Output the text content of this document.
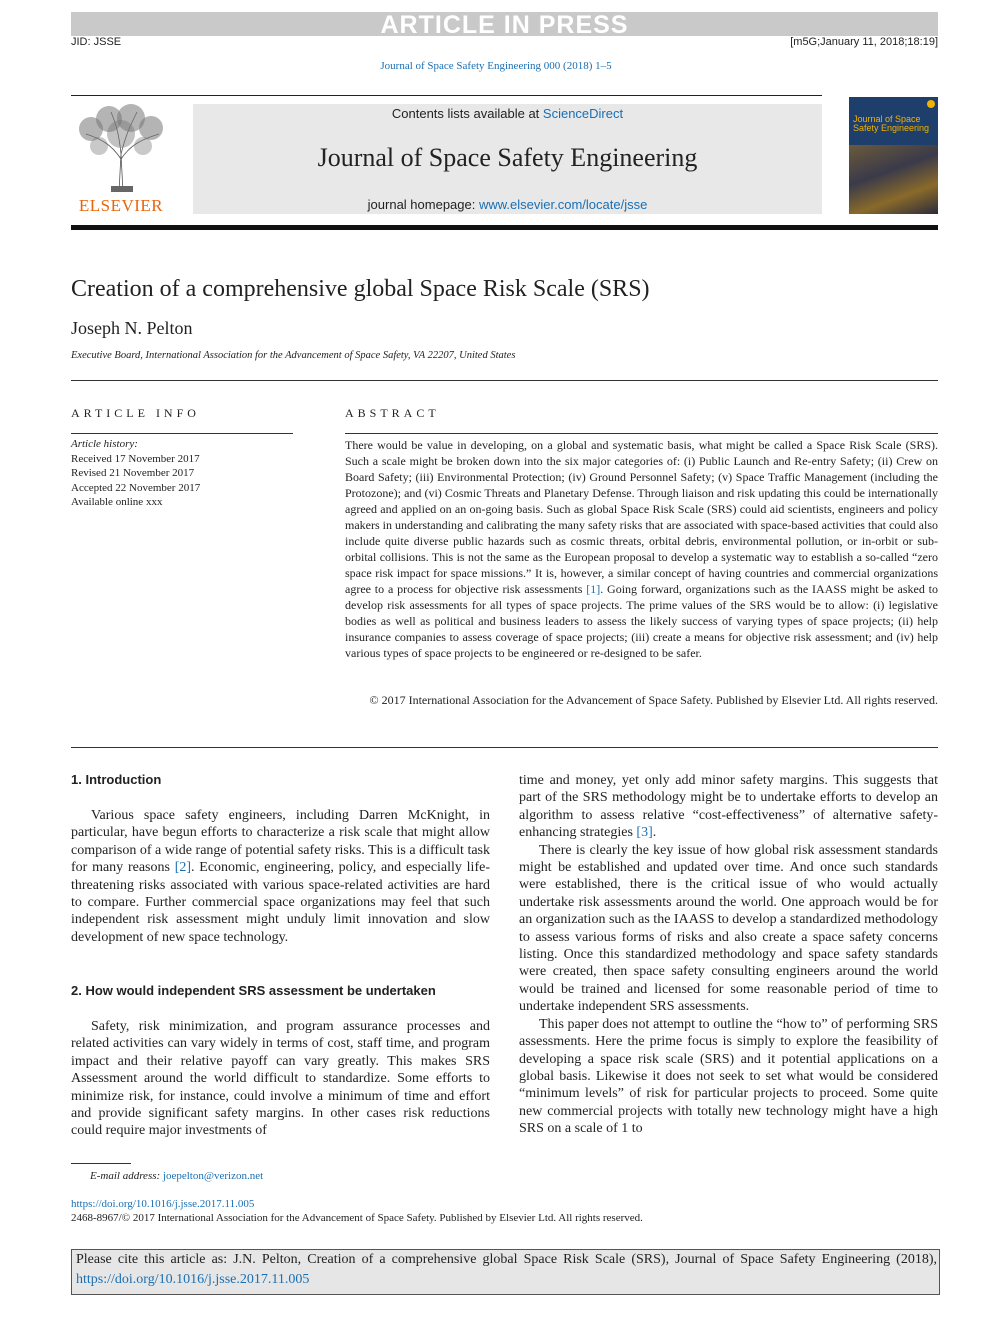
ARTICLE IN PRESS
JID: JSSE	[m5G;January 11, 2018;18:19]
Journal of Space Safety Engineering 000 (2018) 1–5
ELSEVIER
Contents lists available at ScienceDirect
Journal of Space Safety Engineering
journal homepage: www.elsevier.com/locate/jsse
Journal of Space Safety Engineering
Creation of a comprehensive global Space Risk Scale (SRS)
Joseph N. Pelton
Executive Board, International Association for the Advancement of Space Safety, VA 22207, United States
ARTICLE INFO
Article history:
Received 17 November 2017
Revised 21 November 2017
Accepted 22 November 2017
Available online xxx
ABSTRACT
There would be value in developing, on a global and systematic basis, what might be called a Space Risk Scale (SRS). Such a scale might be broken down into the six major categories of: (i) Public Launch and Re-entry Safety; (ii) Crew on Board Safety; (iii) Environmental Protection; (iv) Ground Personnel Safety; (v) Space Traffic Management (including the Protozone); and (vi) Cosmic Threats and Planetary Defense. Through liaison and risk updating this could be internationally agreed and applied on an on-going basis. Such as global Space Risk Scale (SRS) could aid scientists, engineers and policy makers in understanding and calibrating the many safety risks that are associated with space-based activities that could also include quite diverse public hazards such as cosmic threats, orbital debris, environmental pollution, or in-orbit or sub-orbital collisions. This is not the same as the European proposal to develop a systematic way to establish a so-called “zero space risk impact for space missions.” It is, however, a similar concept of having countries and commercial organizations agree to a process for objective risk assessments [1]. Going forward, organizations such as the IAASS might be asked to develop risk assessments for all types of space projects. The prime values of the SRS would be to allow: (i) legislative bodies as well as political and business leaders to assess the likely success of varying types of space projects; (ii) help insurance companies to assess coverage of space projects; (iii) create a means for objective risk assessment; and (iv) help various types of space projects to be engineered or re-designed to be safer.
© 2017 International Association for the Advancement of Space Safety. Published by Elsevier Ltd. All rights reserved.
1. Introduction

Various space safety engineers, including Darren McKnight, in particular, have begun efforts to characterize a risk scale that might allow comparison of a wide range of potential safety risks. This is a difficult task for many reasons [2]. Economic, engineering, policy, and especially life-threatening risks associated with various space-related activities are hard to compare. Further commercial space organizations may feel that such independent risk assessment might unduly limit innovation and slow development of new space technology.

2. How would independent SRS assessment be undertaken

Safety, risk minimization, and program assurance processes and related activities can vary widely in terms of cost, staff time, and program impact and their relative payoff can vary greatly. This makes SRS Assessment around the world difficult to standardize. Some efforts to minimize risk, for instance, could involve a minimum of time and effort and provide significant safety margins. In other cases risk reductions could require major investments of

time and money, yet only add minor safety margins. This suggests that part of the SRS methodology might be to undertake efforts to develop an algorithm to assess relative “cost-effectiveness” of alternative safety-enhancing strategies [3].

There is clearly the key issue of how global risk assessment standards might be established and updated over time. And once such standards were established, there is the critical issue of who would actually undertake risk assessments around the world. One approach would be for an organization such as the IAASS to develop a standardized methodology to assess various forms of risks and also create a space safety concerns listing. Once this standardized methodology and space safety standards were created, then space safety consulting engineers around the world would be trained and licensed for some reasonable period of time to undertake independent SRS assessments.

This paper does not attempt to outline the “how to” of performing SRS assessments. Here the prime focus is simply to explore the feasibility of developing a space risk scale (SRS) and it potential applications on a global basis. Likewise it does not seek to set what would be considered “minimum levels” of risk for particular projects to proceed. Some quite new commercial projects with totally new technology might have a high SRS on a scale of 1 to

E-mail address: joepelton@verizon.net
https://doi.org/10.1016/j.jsse.2017.11.005
2468-8967/© 2017 International Association for the Advancement of Space Safety. Published by Elsevier Ltd. All rights reserved.
Please cite this article as: J.N. Pelton, Creation of a comprehensive global Space Risk Scale (SRS), Journal of Space Safety Engineering (2018), https://doi.org/10.1016/j.jsse.2017.11.005
